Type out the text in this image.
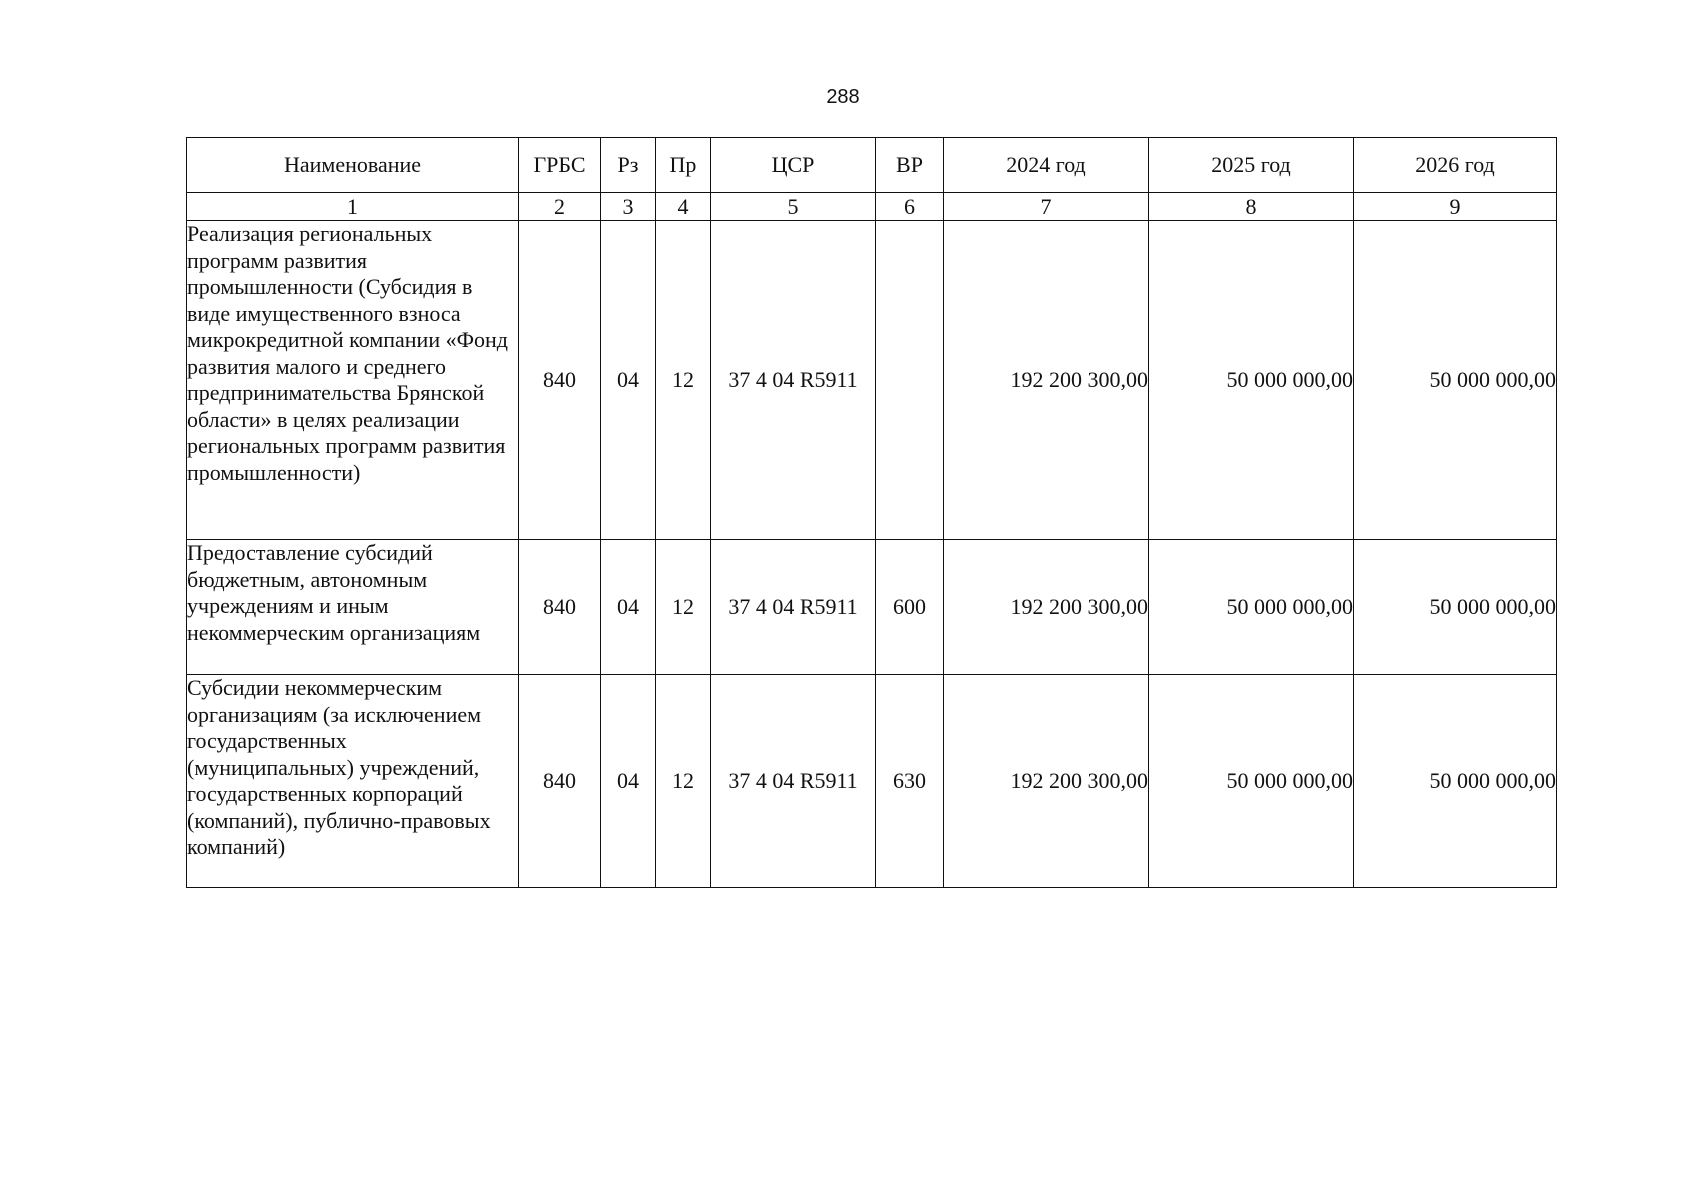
288
Наименование	ГРБС	Рз	Пр	ЦСР	ВР	2024 год	2025 год	2026 год
1	2	3	4	5	6	7	8	9
Реализация региональных программ развития промышленности (Субсидия в виде имущественного взноса микрокредитной компании «Фонд развития малого и среднего предпринимательства Брянской области» в целях реализации региональных программ развития промышленности)	840	04	12	37 4 04 R5911		192 200 300,00	50 000 000,00	50 000 000,00
Предоставление субсидий бюджетным, автономным учреждениям и иным некоммерческим организациям	840	04	12	37 4 04 R5911	600	192 200 300,00	50 000 000,00	50 000 000,00
Субсидии некоммерческим организациям (за исключением государственных (муниципальных) учреждений, государственных корпораций (компаний), публично-правовых компаний)	840	04	12	37 4 04 R5911	630	192 200 300,00	50 000 000,00	50 000 000,00
